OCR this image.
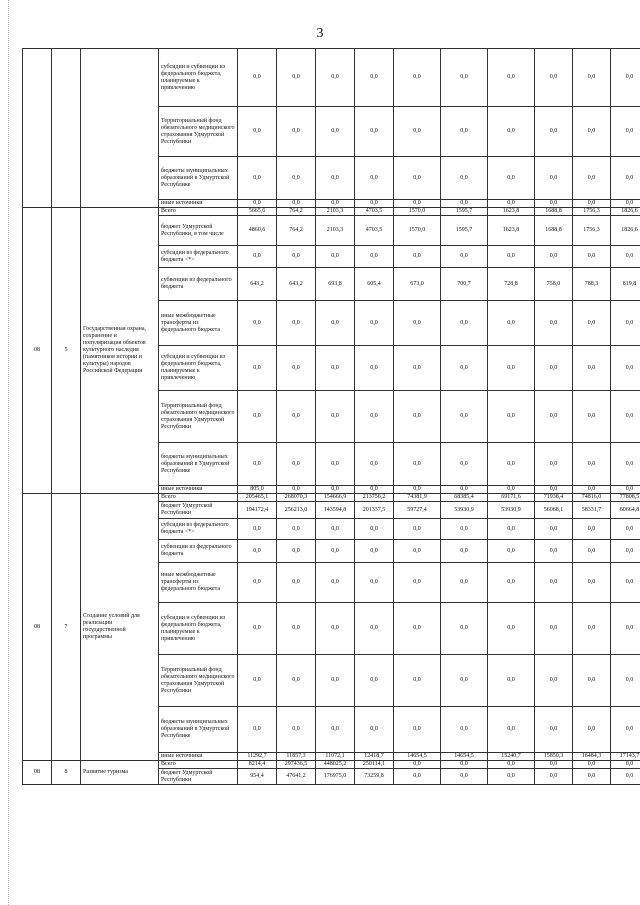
3
			субсидии и субвенции из федерального бюджета, планируемые к привлечению	0,0	0,0	0,0	0,0	0,0	0,0	0,0	0,0	0,0	0,0
			Территориальный фонд обязательного медицинского страхования Удмуртской Республики	0,0	0,0	0,0	0,0	0,0	0,0	0,0	0,0	0,0	0,0
			бюджеты муниципальных образований в Удмуртской Республике	0,0	0,0	0,0	0,0	0,0	0,0	0,0	0,0	0,0	0,0
			иные источники	0,0	0,0	0,0	0,0	0,0	0,0	0,0	0,0	0,0	0,0
08	5	Государственная охрана, сохранение и популяризация объектов культурного наследия (памятников истории и культуры) народов Российской Федерации	Всего	5665,6	764,2	2103,3	4703,5	1570,0	1595,7	1623,8	1688,8	1756,3	1826,6
			бюджет Удмуртской Республики, в том числе	4860,6	764,2	2103,3	4703,5	1570,0	1595,7	1623,8	1688,8	1756,3	1826,6
			субсидии из федерального бюджета <*>	0,0	0,0	0,0	0,0	0,0	0,0	0,0	0,0	0,0	0,0
			субвенции из федерального бюджета	643,2	643,2	693,8	605,4	673,0	700,7	728,8	758,0	788,3	819,8
			иные межбюджетные трансферты из федерального бюджета	0,0	0,0	0,0	0,0	0,0	0,0	0,0	0,0	0,0	0,0
			субсидии и субвенции из федерального бюджета, планируемые к привлечению	0,0	0,0	0,0	0,0	0,0	0,0	0,0	0,0	0,0	0,0
			Территориальный фонд обязательного медицинского страхования Удмуртской Республики	0,0	0,0	0,0	0,0	0,0	0,0	0,0	0,0	0,0	0,0
			бюджеты муниципальных образований в Удмуртской Республике	0,0	0,0	0,0	0,0	0,0	0,0	0,0	0,0	0,0	0,0
			иные источники	805,0	0,0	0,0	0,0	0,0	0,0	0,0	0,0	0,0	0,0
08	7	Создание условий для реализации государственной программы	Всего	205465,1	268070,3	154666,9	213756,2	74381,9	68385,4	69171,6	71938,4	74816,0	77808,5
			бюджет Удмуртской Республики	194172,4	256213,0	143594,8	201337,5	59727,4	53930,9	53930,9	56068,1	58331,7	60664,8
			субсидии из федерального бюджета <*>	0,0	0,0	0,0	0,0	0,0	0,0	0,0	0,0	0,0	0,0
			субвенции из федерального бюджета	0,0	0,0	0,0	0,0	0,0	0,0	0,0	0,0	0,0	0,0
			иные межбюджетные трансферты из федерального бюджета	0,0	0,0	0,0	0,0	0,0	0,0	0,0	0,0	0,0	0,0
			субсидии и субвенции из федерального бюджета, планируемые к привлечению	0,0	0,0	0,0	0,0	0,0	0,0	0,0	0,0	0,0	0,0
			Территориальный фонд обязательного медицинского страхования Удмуртской Республики	0,0	0,0	0,0	0,0	0,0	0,0	0,0	0,0	0,0	0,0
			бюджеты муниципальных образований в Удмуртской Республике	0,0	0,0	0,0	0,0	0,0	0,0	0,0	0,0	0,0	0,0
			иные источники	11292,7	11857,3	11072,1	12418,7	14654,5	14654,5	15240,7	15850,3	16484,3	17143,7
08	8	Развитие туризма	Всего	8214,4	297436,5	448025,2	250114,1	0,0	0,0	0,0	0,0	0,0	0,0
			бюджет Удмуртской Республики	954,4	47641,2	176975,0	73259,8	0,0	0,0	0,0	0,0	0,0	0,0
